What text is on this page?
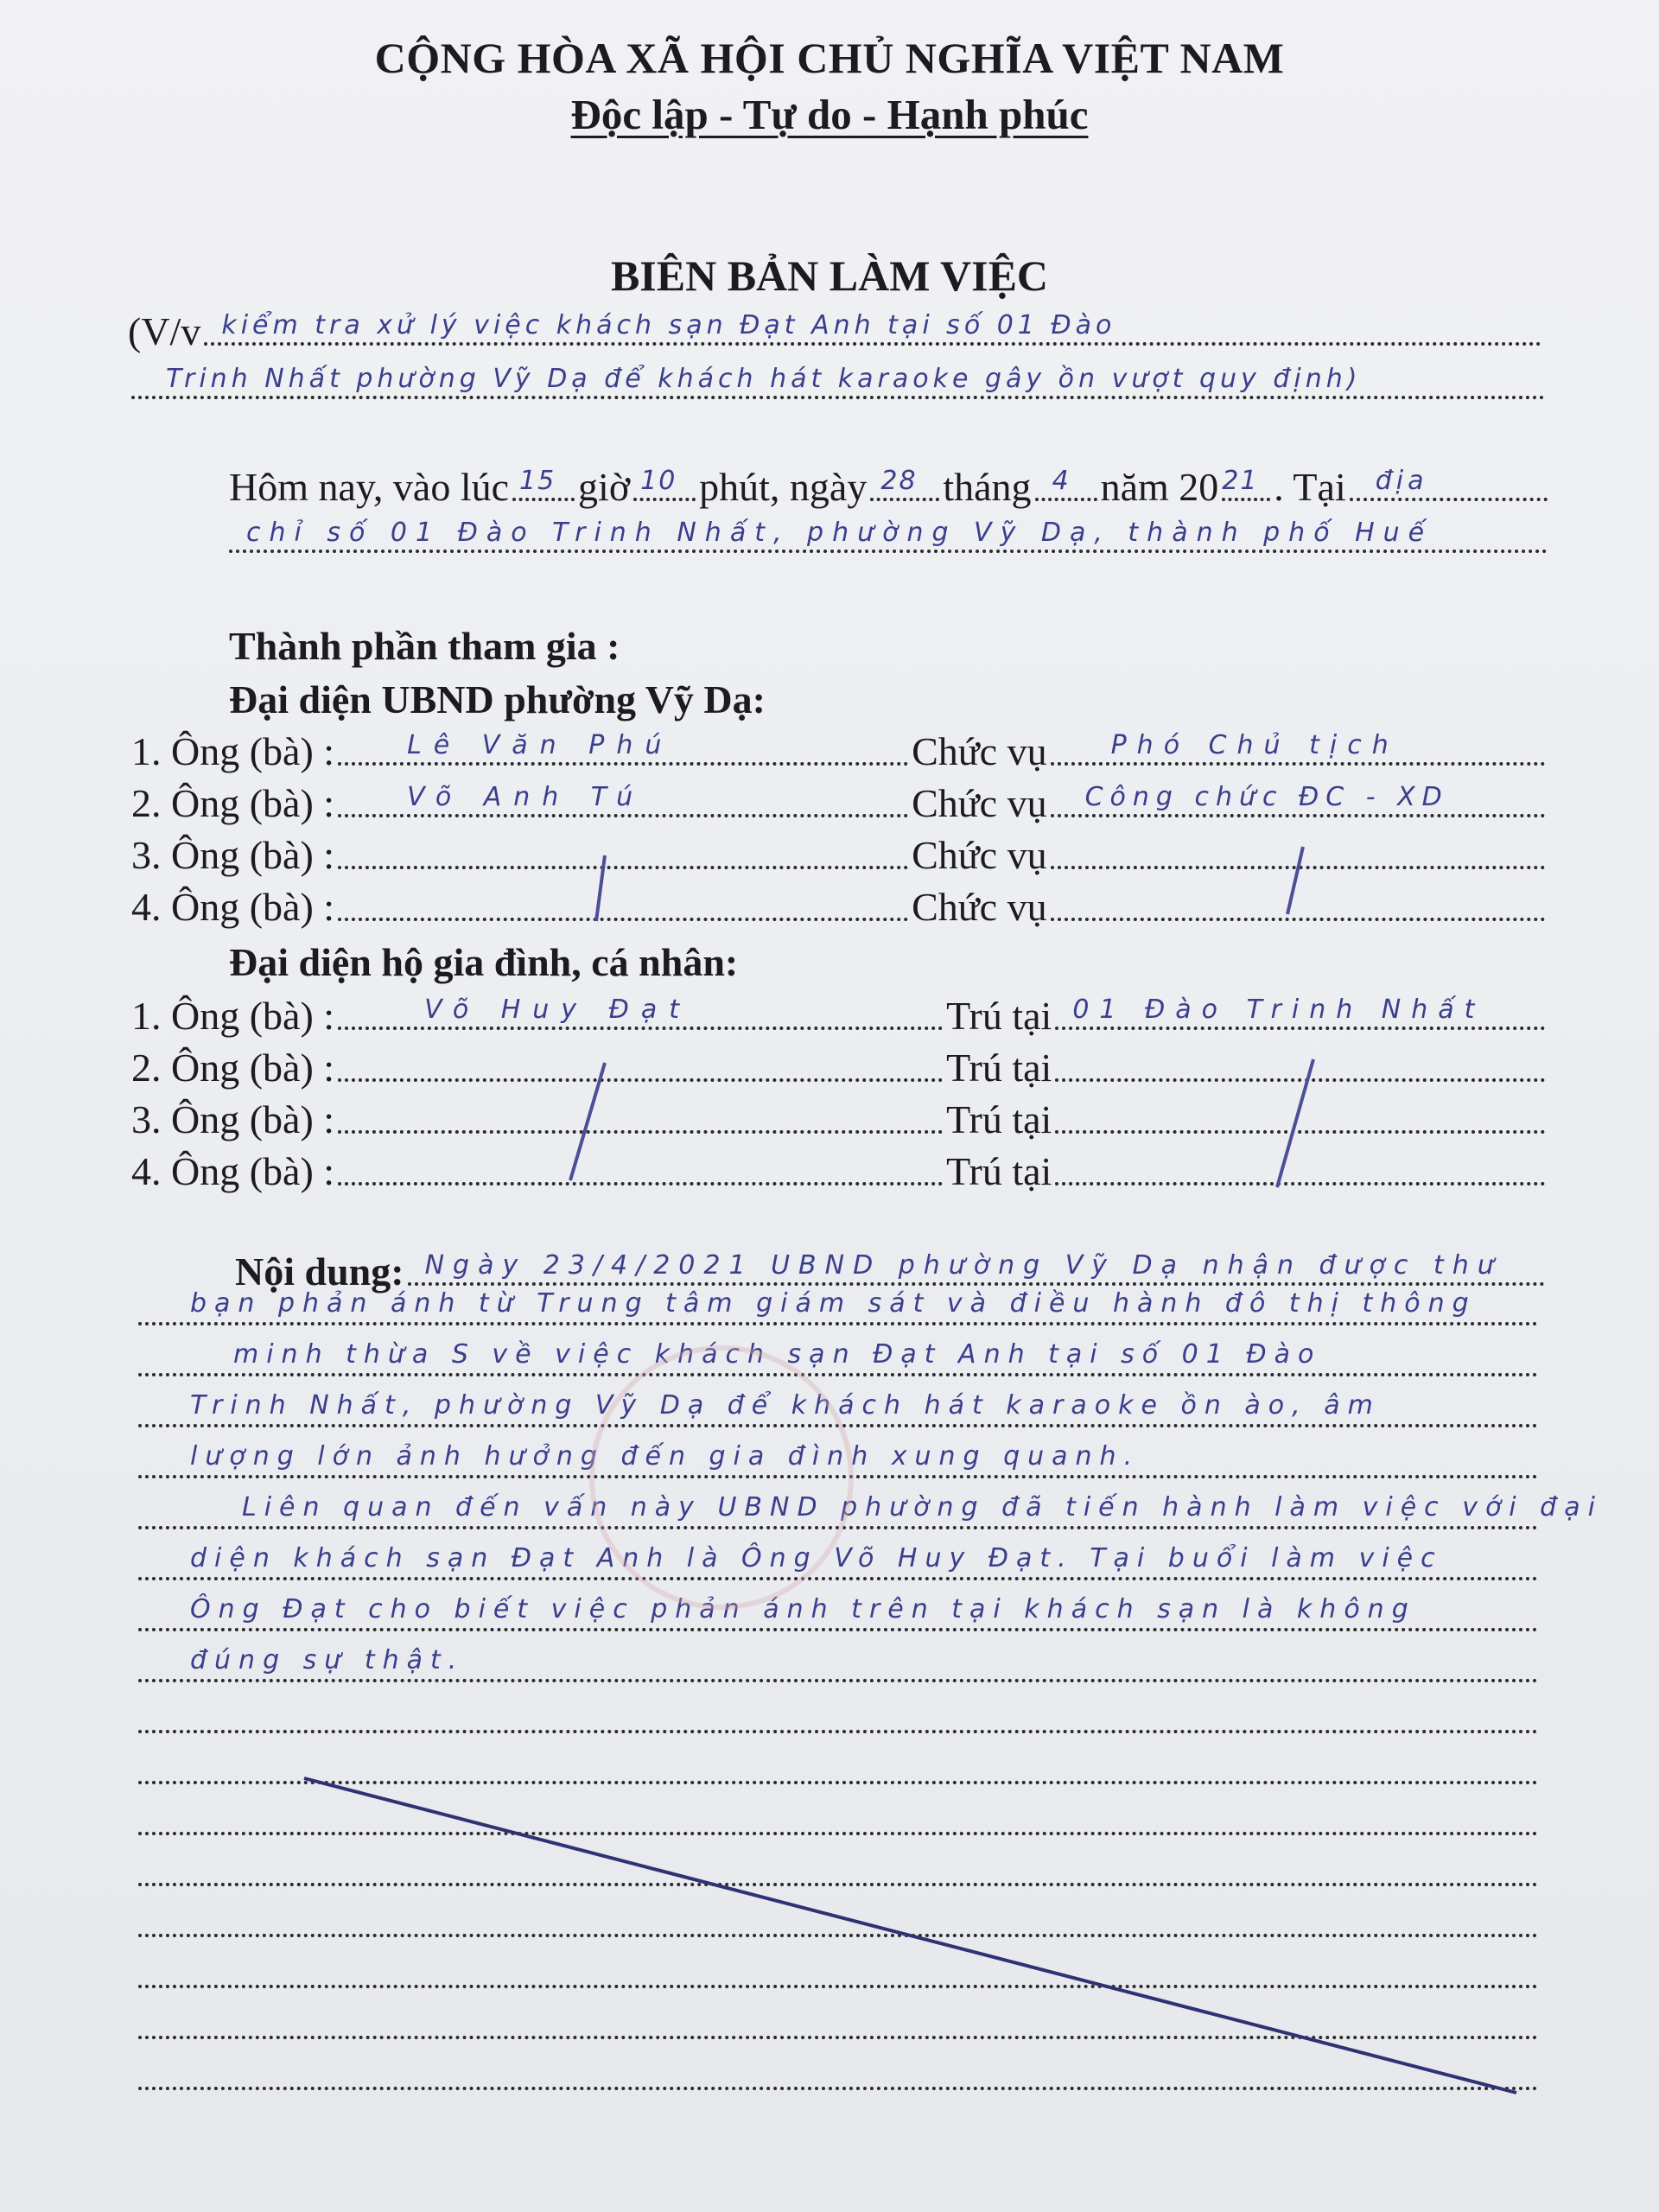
CỘNG HÒA XÃ HỘI CHỦ NGHĨA VIỆT NAM
Độc lập - Tự do - Hạnh phúc
BIÊN BẢN LÀM VIỆC
(V/v kiểm tra xử lý việc khách sạn Đạt Anh tại số 01 Đào
Trinh Nhất phường Vỹ Dạ để khách hát karaoke gây ồn vượt quy định)
Hôm nay, vào lúc 15 giờ 10 phút, ngày 28 tháng 4 năm 20 21 . Tại địa
chỉ số 01 Đào Trinh Nhất, phường Vỹ Dạ, thành phố Huế
Thành phần tham gia :
Đại diện UBND phường Vỹ Dạ:
1.
Ông (bà) :	Lê Văn Phú	Chức vụ Phó Chủ tịch
2.
Ông (bà) :	Võ Anh Tú	Chức vụ Công chức ĐC - XD
3.
Ông (bà) :	Chức vụ
4.
Ông (bà) :	Chức vụ
Đại diện hộ gia đình, cá nhân:
1.
Ông (bà) :	Võ Huy Đạt	Trú tại 01 Đào Trinh Nhất
2.
Ông (bà) :	Trú tại
3.
Ông (bà) :	Trú tại
4.
Ông (bà) :	Trú tại
Nội dung: Ngày 23/4/2021 UBND phường Vỹ Dạ nhận được thư
bạn phản ánh từ Trung tâm giám sát và điều hành đô thị thông
minh thừa S về việc khách sạn Đạt Anh tại số 01 Đào
Trinh Nhất, phường Vỹ Dạ để khách hát karaoke ồn ào, âm
lượng lớn ảnh hưởng đến gia đình xung quanh.
Liên quan đến vấn này UBND phường đã tiến hành làm việc với đại
diện khách sạn Đạt Anh là Ông Võ Huy Đạt. Tại buổi làm việc
Ông Đạt cho biết việc phản ánh trên tại khách sạn là không
đúng sự thật.
